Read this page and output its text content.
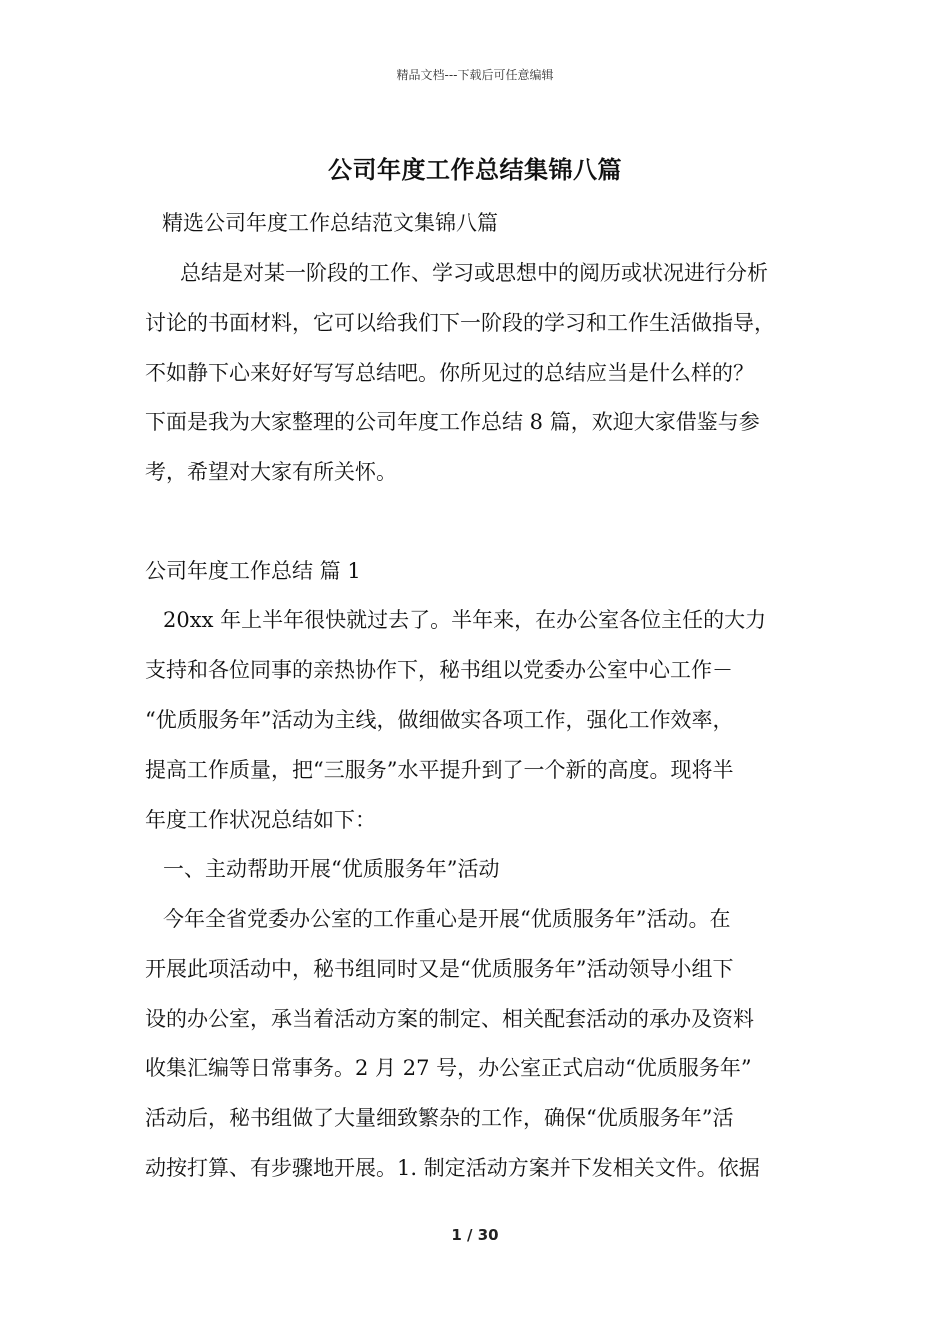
精品文档---下载后可任意编辑
公司年度工作总结集锦八篇
精选公司年度工作总结范文集锦八篇
总结是对某一阶段的工作、学习或思想中的阅历或状况进行分析
讨论的书面材料，它可以给我们下一阶段的学习和工作生活做指导，
不如静下心来好好写写总结吧。你所见过的总结应当是什么样的？
下面是我为大家整理的公司年度工作总结 8 篇，欢迎大家借鉴与参
考，希望对大家有所关怀。
公司年度工作总结 篇 1
20xx 年上半年很快就过去了。半年来，在办公室各位主任的大力
支持和各位同事的亲热协作下，秘书组以党委办公室中心工作－
“优质服务年”活动为主线，做细做实各项工作，强化工作效率，
提高工作质量，把“三服务”水平提升到了一个新的高度。现将半
年度工作状况总结如下：
一、主动帮助开展“优质服务年”活动
今年全省党委办公室的工作重心是开展“优质服务年”活动。在
开展此项活动中，秘书组同时又是“优质服务年”活动领导小组下
设的办公室，承当着活动方案的制定、相关配套活动的承办及资料
收集汇编等日常事务。2 月 27 号，办公室正式启动“优质服务年”
活动后，秘书组做了大量细致繁杂的工作，确保“优质服务年”活
动按打算、有步骤地开展。1. 制定活动方案并下发相关文件。依据
1 / 30
